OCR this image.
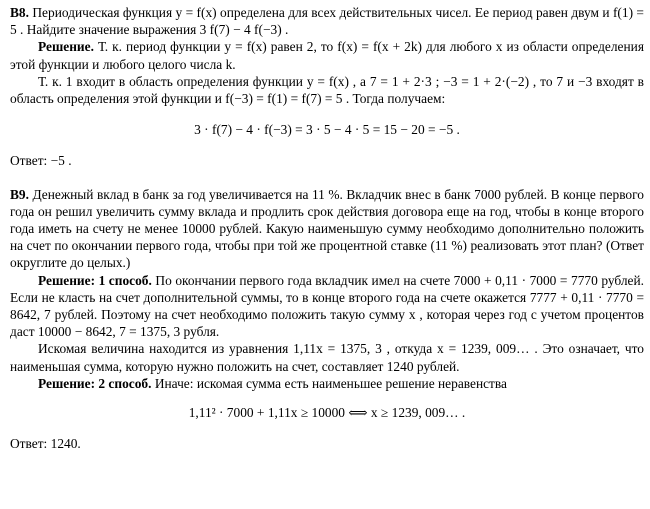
B8. Периодическая функция y = f(x) определена для всех действительных чисел. Ее период равен двум и f(1) = 5 . Найдите значение выражения 3 f(7) − 4 f(−3) .

Решение. Т. к. период функции y = f(x) равен 2, то f(x) = f(x + 2k) для любого x из области определения этой функции и любого целого числа k.

Т. к. 1 входит в область определения функции y = f(x) , а 7 = 1 + 2·3 ; −3 = 1 + 2·(−2) , то 7 и −3 входят в область определения этой функции и f(−3) = f(1) = f(7) = 5 . Тогда получаем:

3 · f(7) − 4 · f(−3) = 3 · 5 − 4 · 5 = 15 − 20 = −5 .

Ответ: −5 .

B9. Денежный вклад в банк за год увеличивается на 11 %. Вкладчик внес в банк 7000 рублей. В конце первого года он решил увеличить сумму вклада и продлить срок действия договора еще на год, чтобы в конце второго года иметь на счету не менее 10000 рублей. Какую наименьшую сумму необходимо дополнительно положить на счет по окончании первого года, чтобы при той же процентной ставке (11 %) реализовать этот план? (Ответ округлите до целых.)

Решение: 1 способ. По окончании первого года вкладчик имел на счете 7000 + 0,11 · 7000 = 7770 рублей. Если не класть на счет дополнительной суммы, то в конце второго года на счете окажется 7777 + 0,11 · 7770 = 8642, 7 рублей. Поэтому на счет необходимо положить такую сумму x , которая через год с учетом процентов даст 10000 − 8642, 7 = 1375, 3 рубля.

Искомая величина находится из уравнения 1,11x = 1375, 3 , откуда x = 1239, 009… . Это означает, что наименьшая сумма, которую нужно положить на счет, составляет 1240 рублей.

Решение: 2 способ. Иначе: искомая сумма есть наименьшее решение неравенства

1,11² · 7000 + 1,11x ≥ 10000 ⟺ x ≥ 1239, 009… .

Ответ: 1240.
